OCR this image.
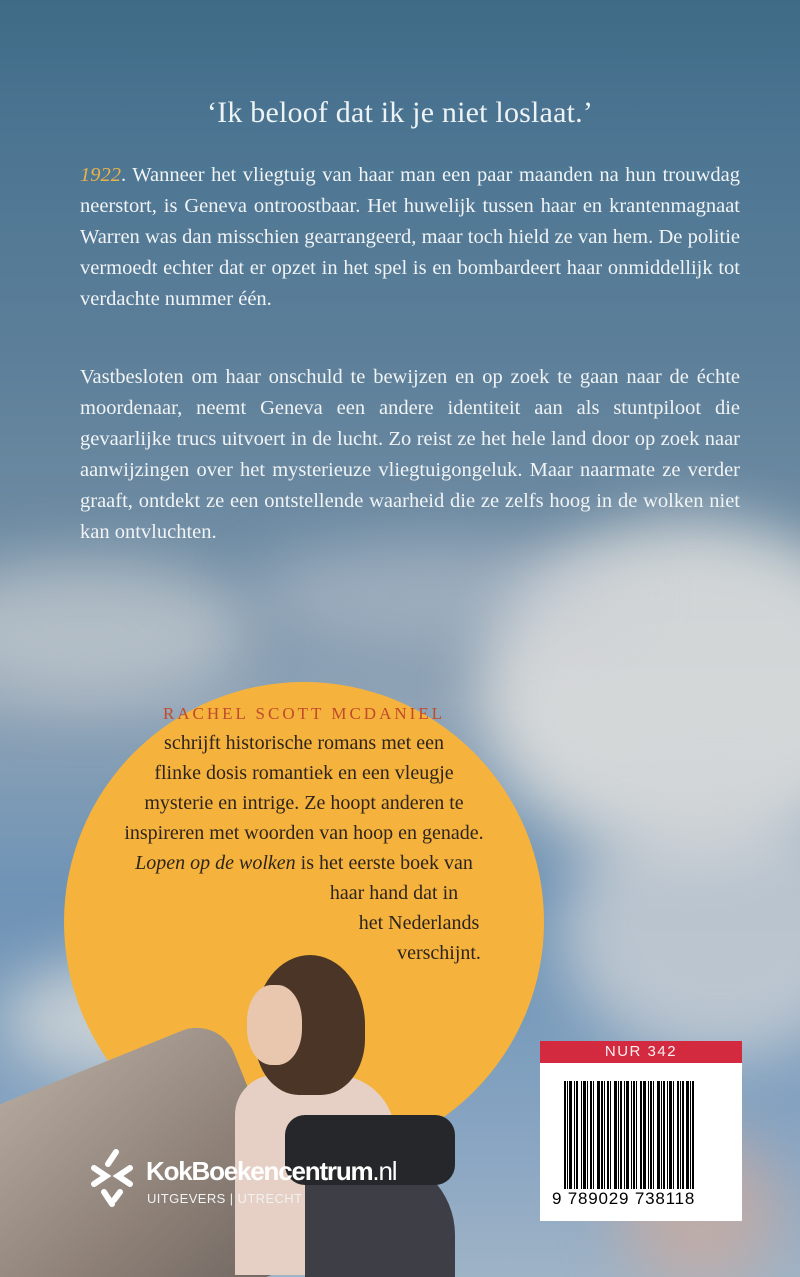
‘Ik beloof dat ik je niet loslaat.’
1922. Wanneer het vliegtuig van haar man een paar maanden na hun trouwdag neerstort, is Geneva ontroostbaar. Het huwelijk tussen haar en krantenmagnaat Warren was dan misschien gearrangeerd, maar toch hield ze van hem. De politie vermoedt echter dat er opzet in het spel is en bombardeert haar onmiddellijk tot verdachte nummer één.
Vastbesloten om haar onschuld te bewijzen en op zoek te gaan naar de échte moordenaar, neemt Geneva een andere identiteit aan als stuntpiloot die gevaarlijke trucs uitvoert in de lucht. Zo reist ze het hele land door op zoek naar aanwijzingen over het mysterieuze vliegtuigongeluk. Maar naarmate ze verder graaft, ontdekt ze een ontstellende waarheid die ze zelfs hoog in de wolken niet kan ontvluchten.
RACHEL SCOTT MCDANIEL
schrijft historische romans met een
flinke dosis romantiek en een vleugje
mysterie en intrige. Ze hoopt anderen te
inspireren met woorden van hoop en genade.
Lopen op de wolken is het eerste boek van
haar hand dat in
het Nederlands
verschijnt.
KokBoekencentrum.nl
UITGEVERS | UTRECHT
NUR 342
9 789029 738118
